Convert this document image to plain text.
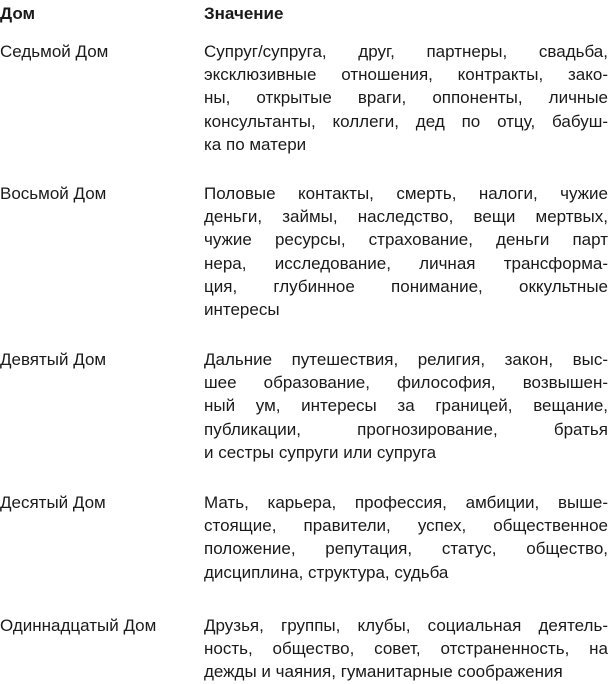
Дом	Значение
Седьмой Дом	Супруг/супруга, друг, партнеры, свадьба,
эксклюзивные отношения, контракты, зако-
ны, открытые враги, оппоненты, личные
консультанты, коллеги, дед по отцу, бабуш-
ка по матери
Восьмой Дом	Половые контакты, смерть, налоги, чужие
деньги, займы, наследство, вещи мертвых,
чужие ресурсы, страхование, деньги парт
нера, исследование, личная трансформа-
ция, глубинное понимание, оккультные
интересы
Девятый Дом	Дальние путешествия, религия, закон, выс-
шее образование, философия, возвышен-
ный ум, интересы за границей, вещание,
публикации, прогнозирование, братья
и сестры супруги или супруга
Десятый Дом	Мать, карьера, профессия, амбиции, выше-
стоящие, правители, успех, общественное
положение, репутация, статус, общество,
дисциплина, структура, судьба
Одиннадцатый Дом	Друзья, группы, клубы, социальная деятель-
ность, общество, совет, отстраненность, на
дежды и чаяния, гуманитарные соображения
